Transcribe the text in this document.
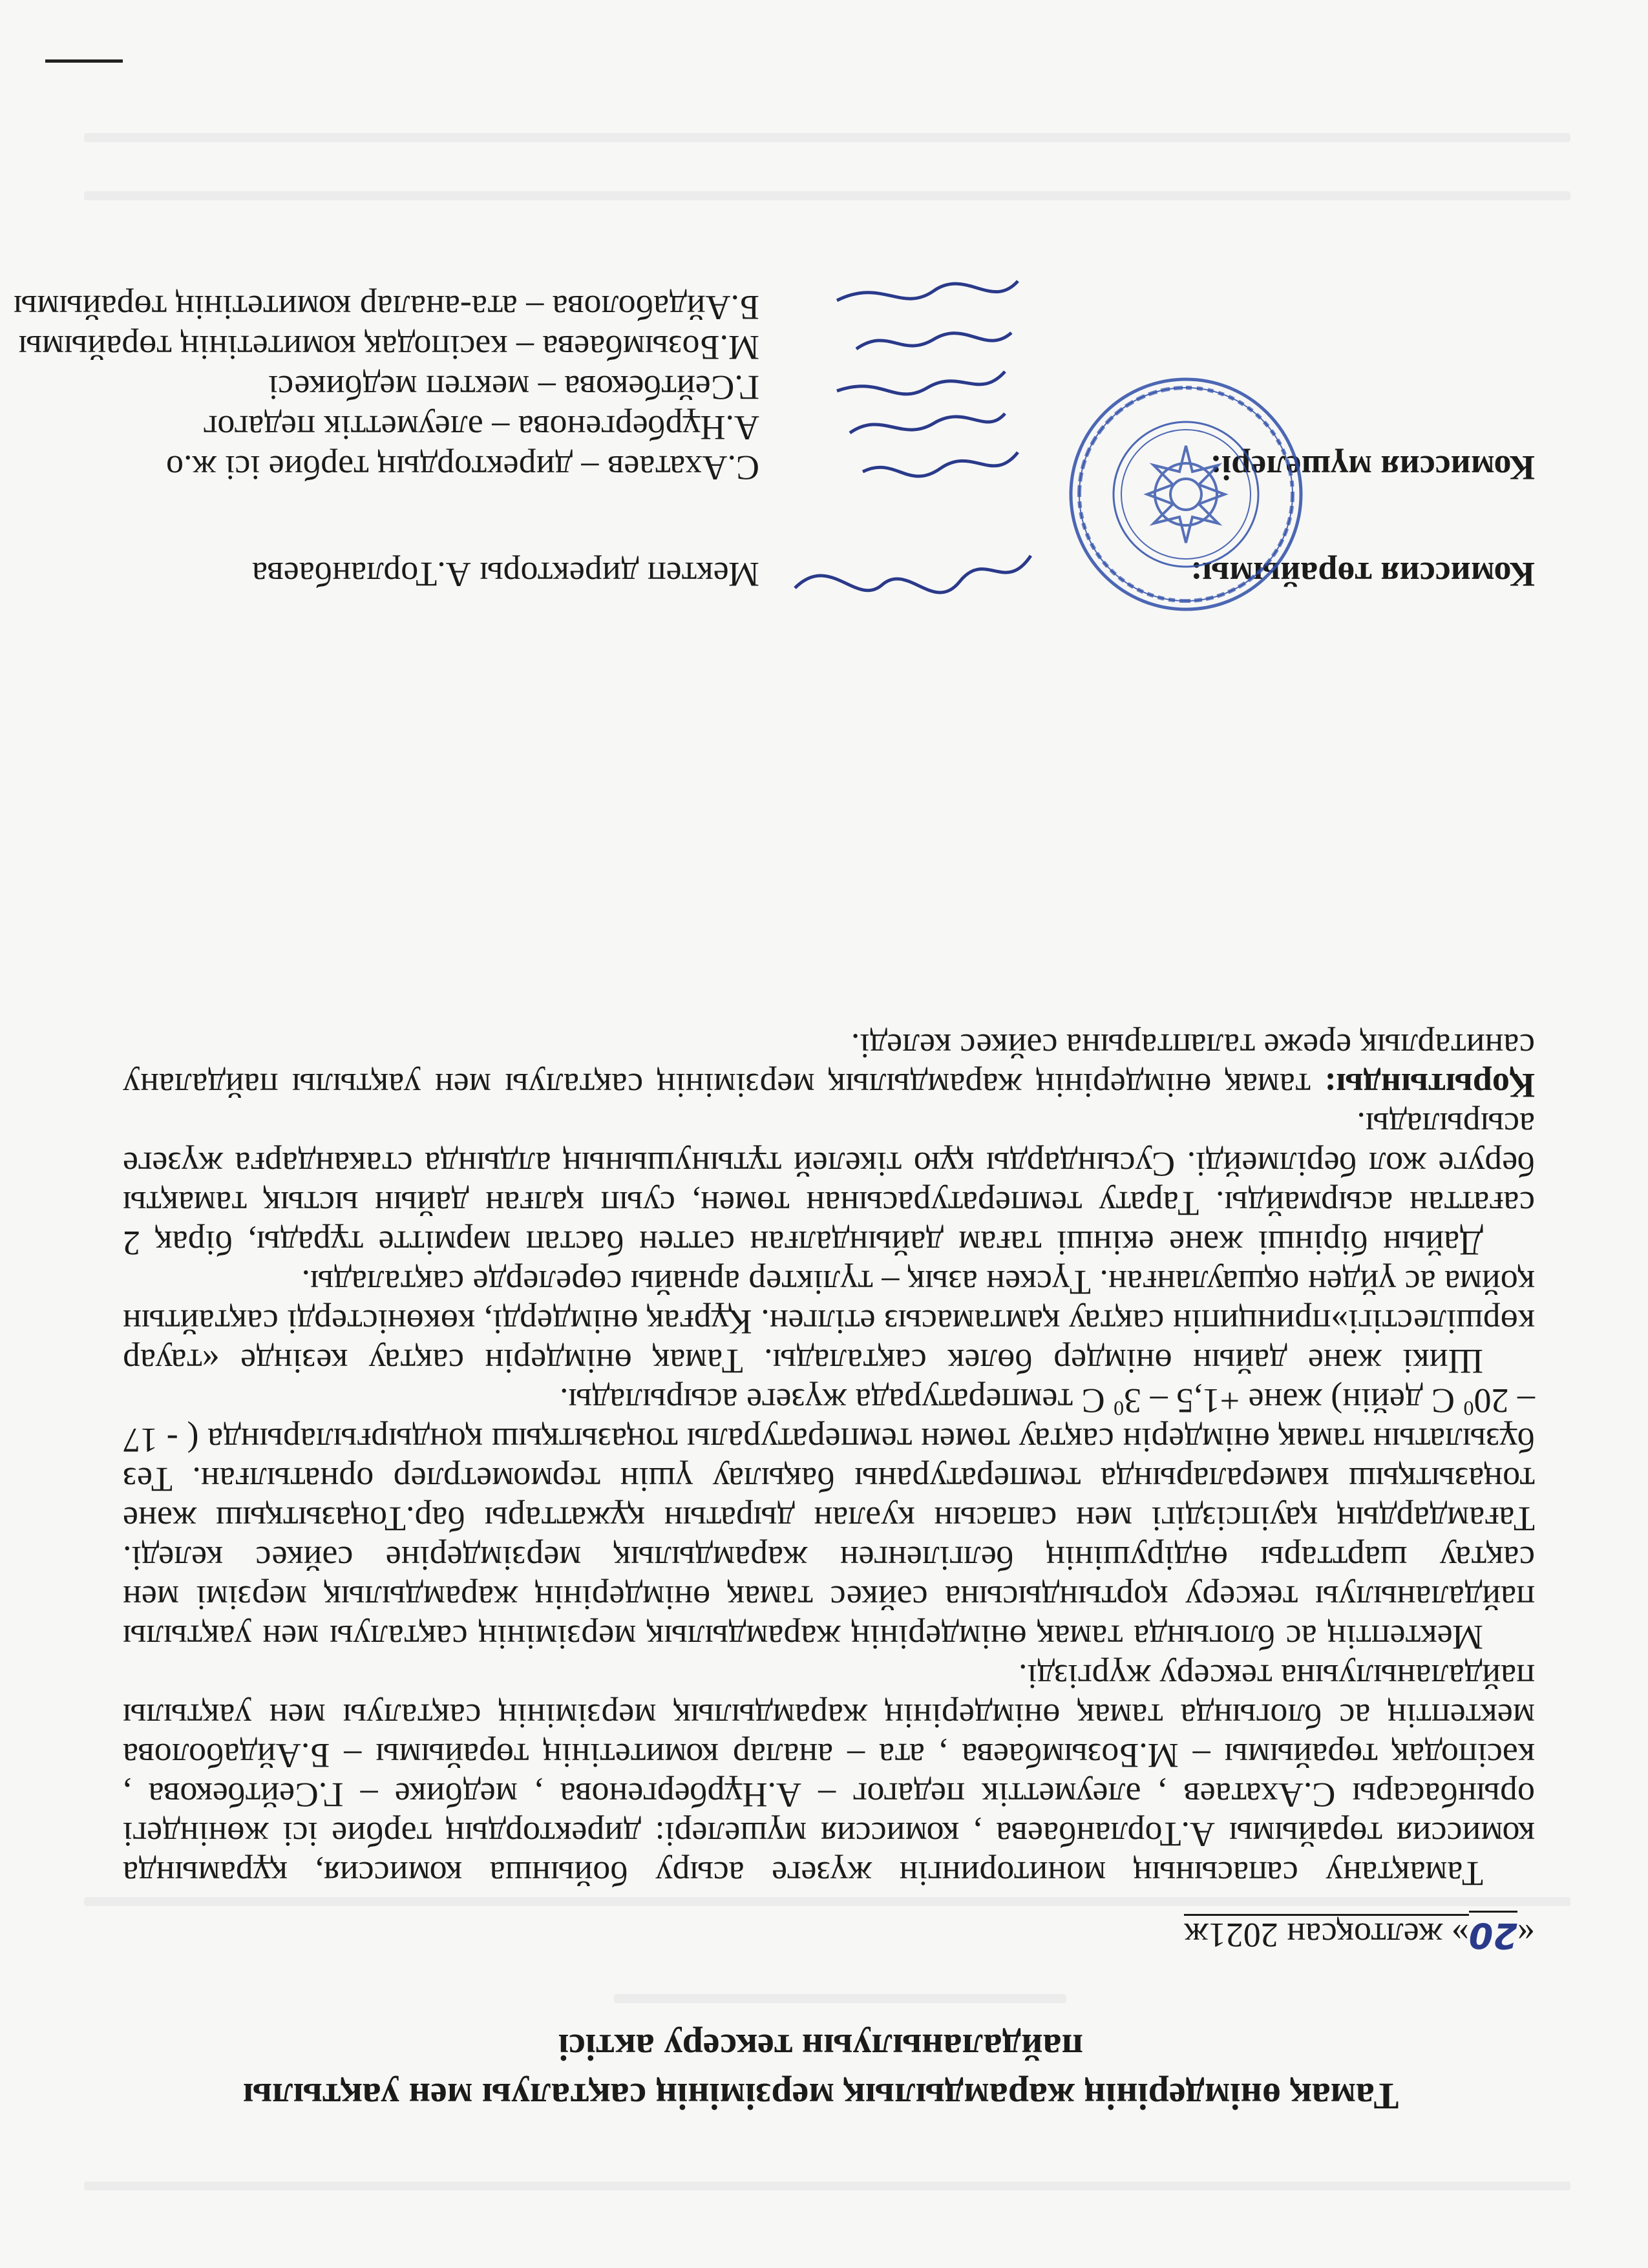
Тамақ өнімдерінің жарамдылық мерзімінің сақталуы мен уақтылы пайдаланылуын тексеру актісі
«20» желтоқсан 2021ж

Тамақтану сапасының мониторингін жүзеге асыру бойынша комиссия, құрамында комиссия төрайымы А.Торланбаева , комиссия мүшелері: директордың тәрбие ісі жөніндегі орынбасары С.Ахатаев , әлеуметтік педагог – А.Нұрбергенова , медбике – Г.Сейтбекова , кәсіподақ төрайымы – М.Бозымбаева , ата – аналар комитетінің төрайымы – Б.Айдаболова мектептің ас блогында тамақ өнімдерінің жарамдылық мерзімінің сақталуы мен уақтылы пайдаланылуына тексеру жүргізді.

Мектептің ас блогында тамақ өнімдерінің жарамдылық мерзімінің сақталуы мен уақтылы пайдаланылуы тексеру қортындысына сәйкес тамақ өнімдерінің жарамдылық мерзімі мен сақтау шарттары өндірушінің белгіленген жарамдылық мерзімдеріне сәйкес келеді. Тағамдардың қауіпсіздігі мен сапасын куәлан дыратын құжаттары бар.Тоңазытқыш және тоңазытқыш камераларында температураны бақылау үшін термометрлер орнатылған. Тез бұзылатын тамақ өнімдерін сақтау төмен температуралы тоңазытқыш қондырғыларында ( - $17 - 20^0$ С дейін) және $+1,5 - 3^0$ С температурада жүзеге асырылады.

Шикі және дайын өнімдер бөлек сақталады. Тамақ өнімдерін сақтау кезінде «тауар көршілестігі»принципін сақтау қамтамасыз етілген. Құрғақ өнімдерді, көкөністерді сақтайтын қойма ас үйден оқшауланған. Түскен азық – түліктер арнайы сөрелерде сақталады.

Дайын бірінші және екінші тағам дайындалған сәттен бастап мәрмітте тұрады, бірақ 2 сағаттан асырмайды. Тарату температурасынан төмен, суып қалған дайын ыстық тамақты беруге жол берілмейді. Сусындарды құю тікелей тұтынушының алдында стакандарға жүзеге асырылады.

Қорытынды: тамақ өнімдерінің жарамдылық мерзімінің сақталуы мен уақтылы пайдалану санитарлық ереже талаптарына сәйкес келеді.

Комиссия төрайымы:
Комиссия мүшелері:
Мектеп директоры А.Торланбаева
С.Ахатаев – директордың тәрбие ісі ж.о
А.Нұрбергенова – әлеуметтік педагог
Г.Сейтбекова – мектеп медбикесі
М.Бозымбаева – кәсіподақ комитетінің төрайымы
Б.Айдаболова – ата-аналар комитетінің төрайымы
